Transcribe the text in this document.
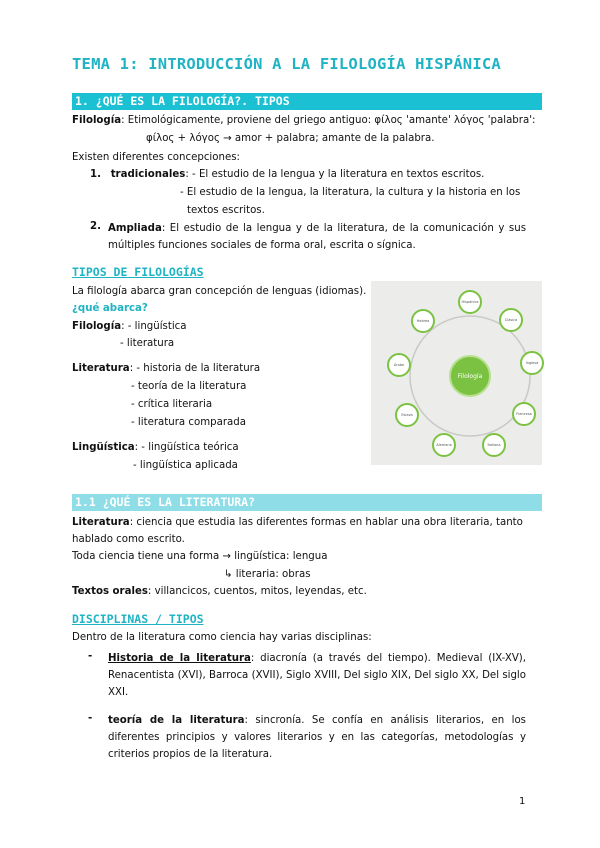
TEMA 1: INTRODUCCIÓN A LA FILOLOGÍA HISPÁNICA
1. ¿QUÉ ES LA FILOLOGÍA?. TIPOS
Filología: Etimológicamente, proviene del griego antiguo: φίλος 'amante' λόγος 'palabra':
φίλος + λόγος → amor + palabra; amante de la palabra.
Existen diferentes concepciones:
1. tradicionales: - El estudio de la lengua y la literatura en textos escritos.
- El estudio de la lengua, la literatura, la cultura y la historia en los
textos escritos.
2. Ampliada: El estudio de la lengua y de la literatura, de la comunicación y sus múltiples funciones sociales de forma oral, escrita o sígnica.
TIPOS DE FILOLOGÍAS
La filología abarca gran concepción de lenguas (idiomas).
¿qué abarca?
Filología: - lingüística
- literatura
Literatura: - historia de la literatura
- teoría de la literatura
- crítica literaria
- literatura comparada
Lingüística: - lingüística teórica
- lingüística aplicada
Filología
Hispánica
Clásica
Inglesa
Francesa
Italiana
Alemana
Eslava
Árabe
Hebrea
1.1 ¿QUÉ ES LA LITERATURA?
Literatura: ciencia que estudia las diferentes formas en hablar una obra literaria, tanto
hablado como escrito.
Toda ciencia tiene una forma → lingüística: lengua
↳ literaria: obras
Textos orales: villancicos, cuentos, mitos, leyendas, etc.
DISCIPLINAS / TIPOS
Dentro de la literatura como ciencia hay varias disciplinas:
- Historia de la literatura: diacronía (a través del tiempo). Medieval (IX-XV), Renacentista (XVI), Barroca (XVII), Siglo XVIII, Del siglo XIX, Del siglo XX, Del siglo XXI.
- teoría de la literatura: sincronía. Se confía en análisis literarios, en los diferentes principios y valores literarios y en las categorías, metodologías y criterios propios de la literatura.
1
